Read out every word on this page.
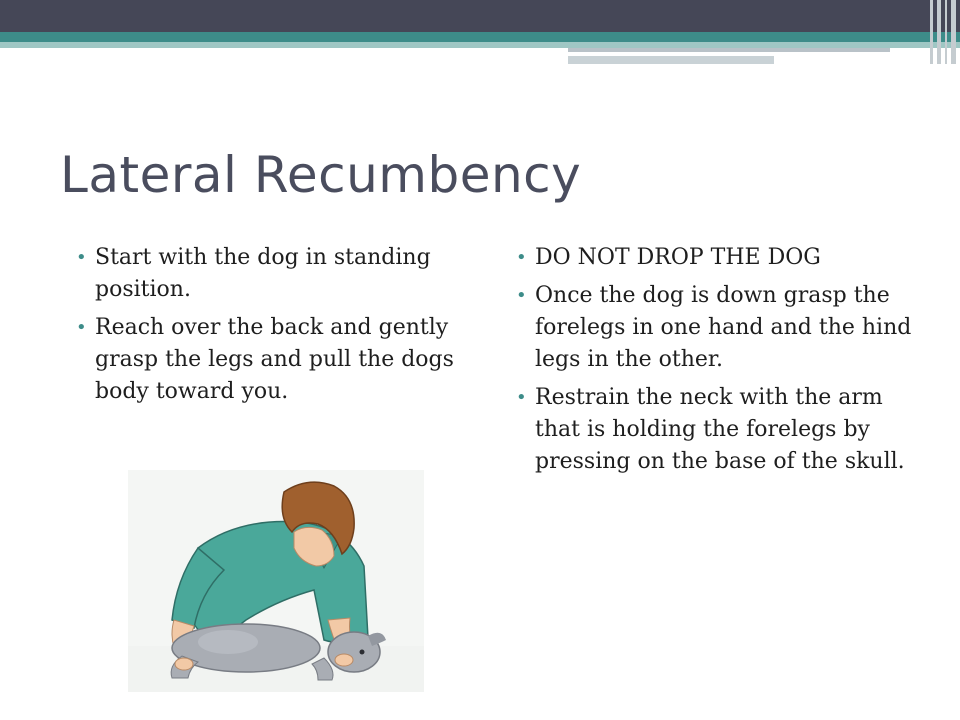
Lateral Recumbency
• Start with the dog in standing position.
• Reach over the back and gently grasp the legs and pull the dogs body toward you.
• DO NOT DROP THE DOG
• Once the dog is down grasp the forelegs in one hand and the hind legs in the other.
• Restrain the neck with the arm that is holding the forelegs by pressing on the base of the skull.
